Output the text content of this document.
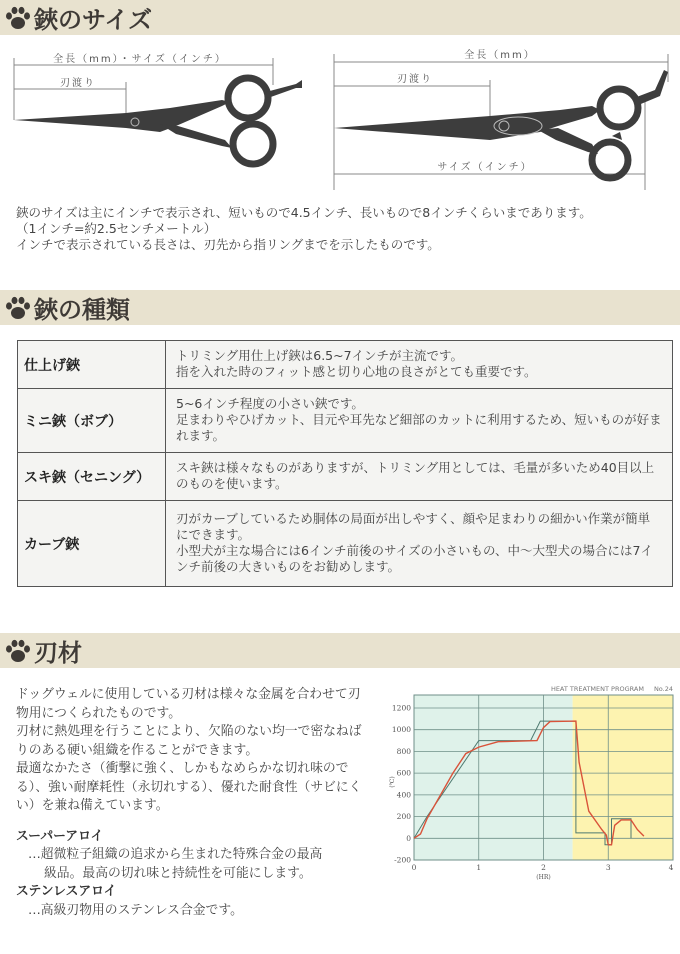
鋏のサイズ
全長（mm）・サイズ（インチ）
刃渡り
全長（mm）
刃渡り
サイズ（インチ）
鋏のサイズは主にインチで表示され、短いもので4.5インチ、長いもので8インチくらいまであります。
（1インチ=約2.5センチメートル）
インチで表示されている長さは、刃先から指リングまでを示したものです。
鋏の種類
仕上げ鋏	トリミング用仕上げ鋏は6.5~7インチが主流です。
指を入れた時のフィット感と切り心地の良さがとても重要です。

ミニ鋏（ボブ）	5~6インチ程度の小さい鋏です。
足まわりやひげカット、目元や耳先など細部のカットに利用するため、短いものが好まれます。

スキ鋏（セニング）	スキ鋏は様々なものがありますが、トリミング用としては、毛量が多いため40目以上のものを使います。

カーブ鋏	刃がカーブしているため胴体の局面が出しやすく、顔や足まわりの細かい作業が簡単にできます。
小型犬が主な場合には6インチ前後のサイズの小さいもの、中～大型犬の場合には7インチ前後の大きいものをお勧めします。
刃材
ドッグウェルに使用している刃材は様々な金属を合わせて刃物用につくられたものです。
刃材に熱処理を行うことにより、欠陥のない均一で密なねばりのある硬い組織を作ることができます。
最適なかたさ（衝撃に強く、しかもなめらかな切れ味のでる）、強い耐摩耗性（永切れする）、優れた耐食性（サビにくい）を兼ね備えています。
スーパーアロイ
…超微粒子組織の追求から生まれた特殊合金の最高
級品。最高の切れ味と持続性を可能にします。
ステンレスアロイ
…高級刃物用のステンレス合金です。
HEAT TREATMENT PROGRAM No.24
1200
1000
800
600
400
200
0
-200
0	1	2	3	4
(HR)
(℃)
